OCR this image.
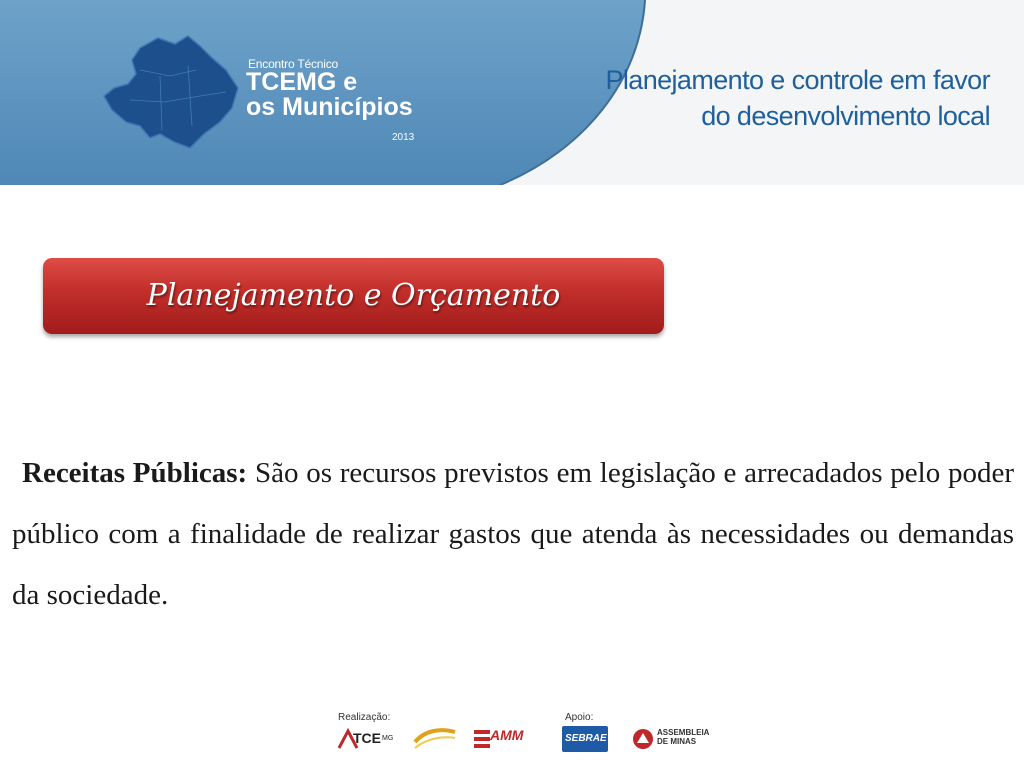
Encontro Técnico
TCEMG e
os Municípios
2013
Planejamento e controle em favor
do desenvolvimento local
Planejamento e Orçamento
Receitas Públicas: São os recursos previstos em legislação e arrecadados pelo poder público com a finalidade de realizar gastos que atenda às necessidades ou demandas da sociedade.
Realização:	Apoio:
TCE MG	AMM	SEBRAE
ASSEMBLEIA
DE MINAS
